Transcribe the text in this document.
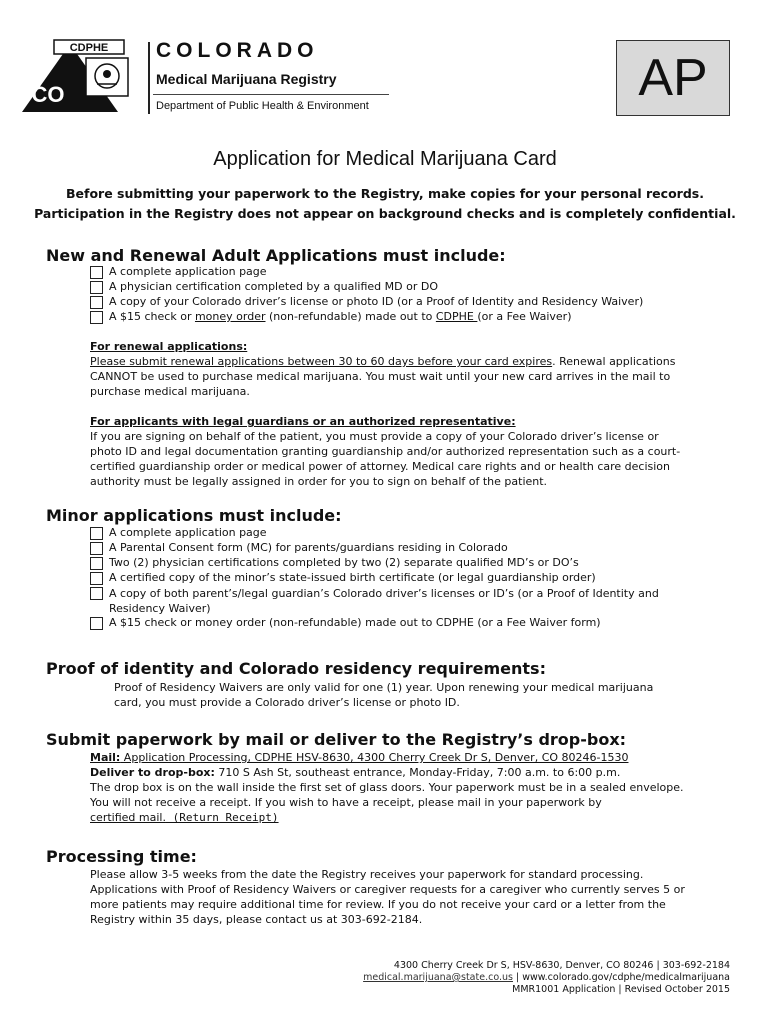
CDPHE
CO
COLORADO
Medical Marijuana Registry
Department of Public Health & Environment	AP
Application for Medical Marijuana Card
Before submitting your paperwork to the Registry, make copies for your personal records.
Participation in the Registry does not appear on background checks and is completely confidential.
New and Renewal Adult Applications must include:
A complete application page
A physician certification completed by a qualified MD or DO
A copy of your Colorado driver’s license or photo ID (or a Proof of Identity and Residency Waiver)
A $15 check or money order (non-refundable) made out to CDPHE (or a Fee Waiver)
For renewal applications:
Please submit renewal applications between 30 to 60 days before your card expires. Renewal applications CANNOT be used to purchase medical marijuana. You must wait until your new card arrives in the mail to purchase medical marijuana.
For applicants with legal guardians or an authorized representative:
If you are signing on behalf of the patient, you must provide a copy of your Colorado driver’s license or photo ID and legal documentation granting guardianship and/or authorized representation such as a court-certified guardianship order or medical power of attorney. Medical care rights and or health care decision authority must be legally assigned in order for you to sign on behalf of the patient.
Minor applications must include:
A complete application page
A Parental Consent form (MC) for parents/guardians residing in Colorado
Two (2) physician certifications completed by two (2) separate qualified MD’s or DO’s
A certified copy of the minor’s state-issued birth certificate (or legal guardianship order)
A copy of both parent’s/legal guardian’s Colorado driver’s licenses or ID’s (or a Proof of Identity and Residency Waiver)
A $15 check or money order (non-refundable) made out to CDPHE (or a Fee Waiver form)
Proof of identity and Colorado residency requirements:
Proof of Residency Waivers are only valid for one (1) year. Upon renewing your medical marijuana card, you must provide a Colorado driver’s license or photo ID.
Submit paperwork by mail or deliver to the Registry’s drop-box:
Mail: Application Processing, CDPHE HSV-8630, 4300 Cherry Creek Dr S, Denver, CO 80246-1530
Deliver to drop-box: 710 S Ash St, southeast entrance, Monday-Friday, 7:00 a.m. to 6:00 p.m.
The drop box is on the wall inside the first set of glass doors. Your paperwork must be in a sealed envelope. You will not receive a receipt. If you wish to have a receipt, please mail in your paperwork by
certified mail. (Return Receipt)
Processing time:
Please allow 3-5 weeks from the date the Registry receives your paperwork for standard processing. Applications with Proof of Residency Waivers or caregiver requests for a caregiver who currently serves 5 or more patients may require additional time for review. If you do not receive your card or a letter from the Registry within 35 days, please contact us at 303-692-2184.
4300 Cherry Creek Dr S, HSV-8630, Denver, CO 80246 | 303-692-2184
medical.marijuana@state.co.us | www.colorado.gov/cdphe/medicalmarijuana
MMR1001 Application | Revised October 2015
